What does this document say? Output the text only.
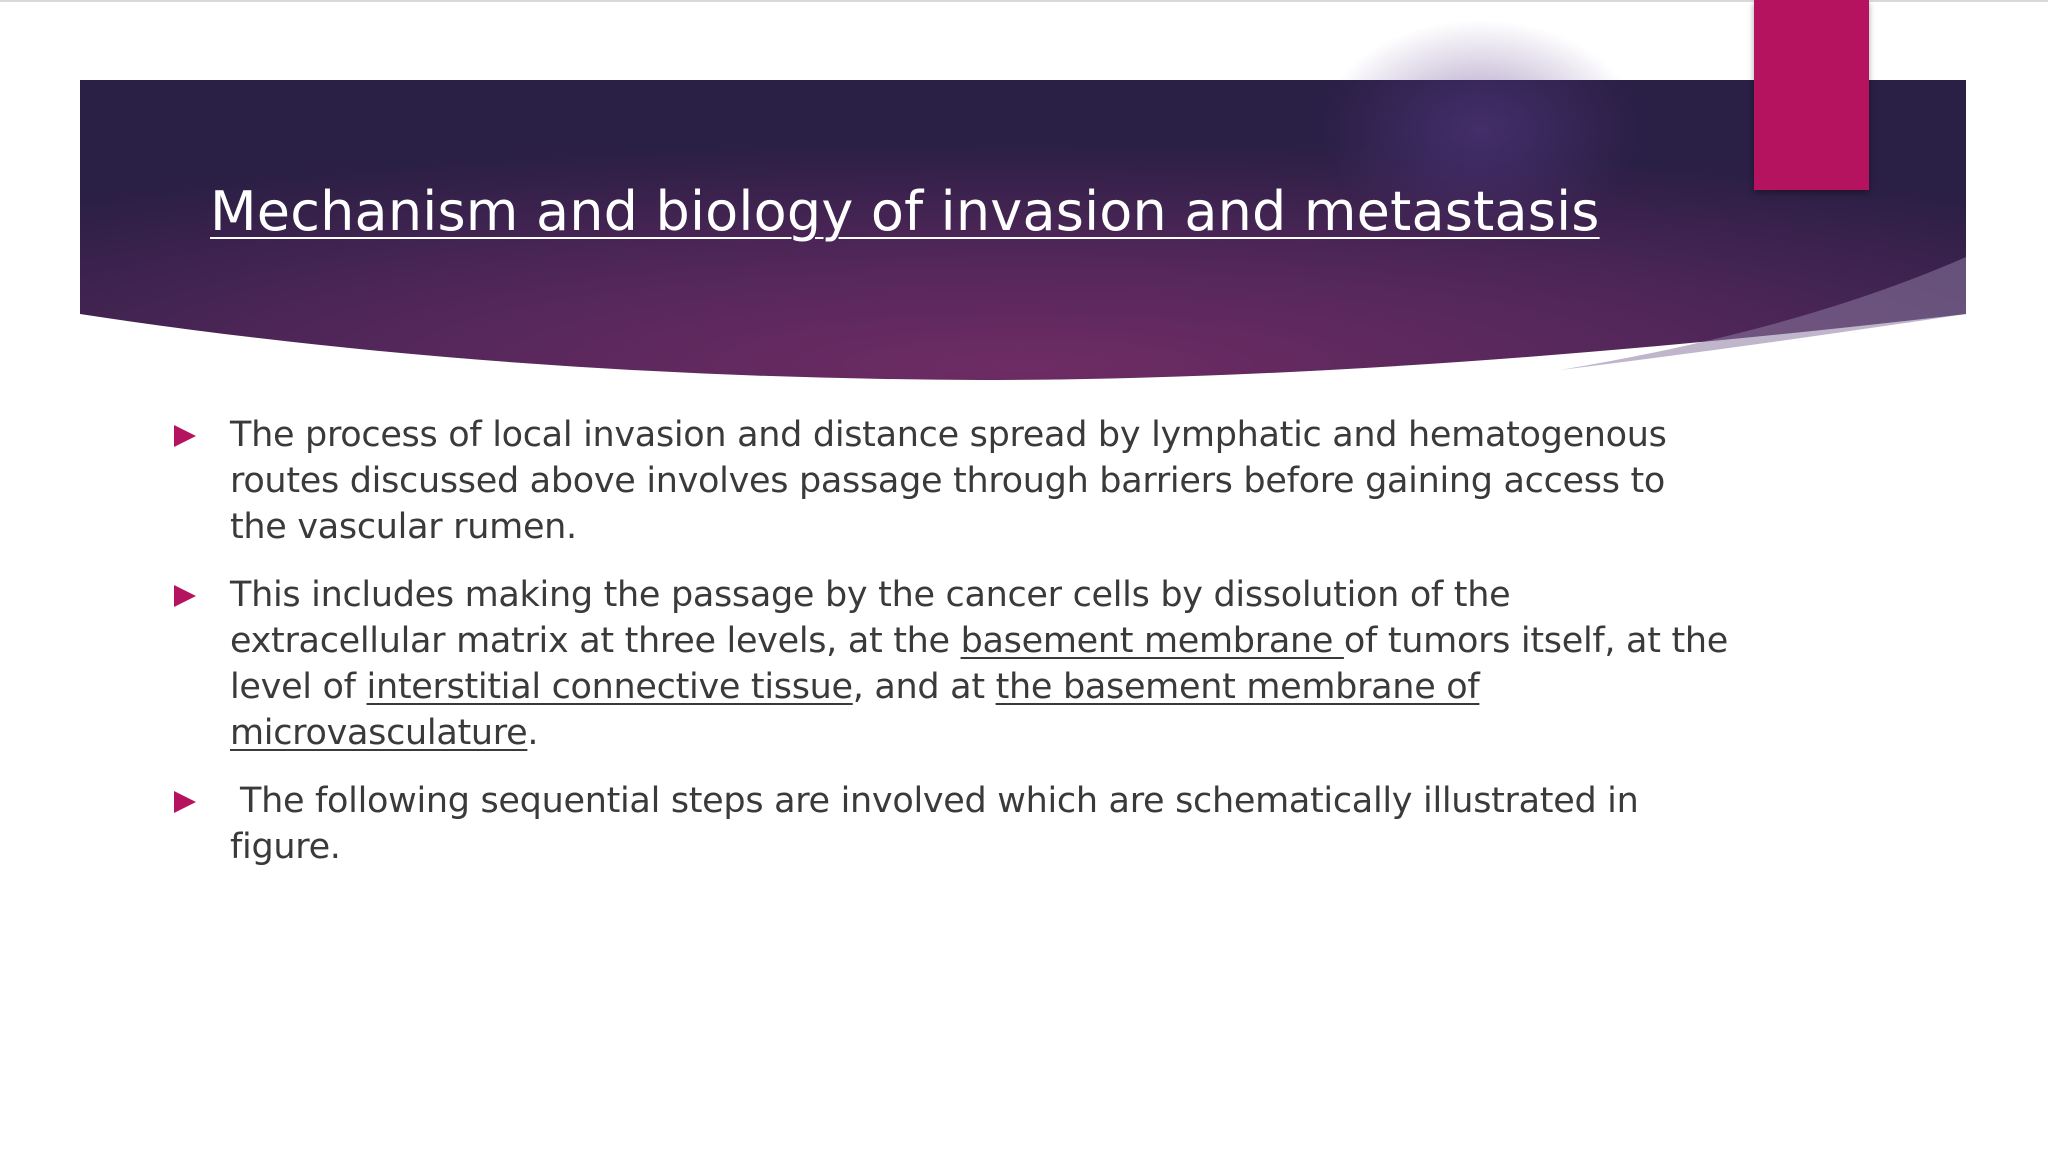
Mechanism and biology of invasion and metastasis
The process of local invasion and distance spread by lymphatic and hematogenous routes discussed above involves passage through barriers before gaining access to the vascular rumen.
This includes making the passage by the cancer cells by dissolution of the extracellular matrix at three levels, at the basement membrane of tumors itself, at the level of interstitial connective tissue, and at the basement membrane of microvasculature.
The following sequential steps are involved which are schematically illustrated in figure.
